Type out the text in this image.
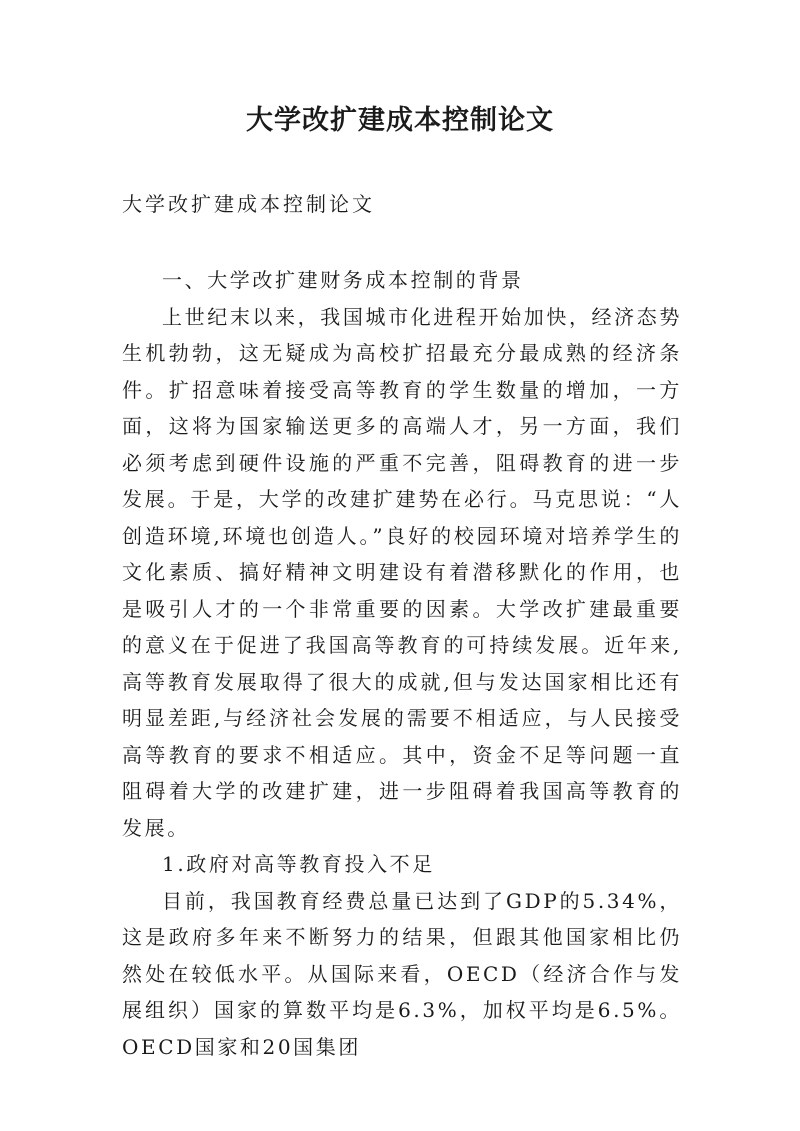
大学改扩建成本控制论文

大学改扩建成本控制论文

一、大学改扩建财务成本控制的背景

上世纪末以来，我国城市化进程开始加快，经济态势生机勃勃，这无疑成为高校扩招最充分最成熟的经济条件。扩招意味着接受高等教育的学生数量的增加，一方面，这将为国家输送更多的高端人才，另一方面，我们必须考虑到硬件设施的严重不完善，阻碍教育的进一步发展。于是，大学的改建扩建势在必行。马克思说：“人创造环境,环境也创造人。”良好的校园环境对培养学生的文化素质、搞好精神文明建设有着潜移默化的作用，也是吸引人才的一个非常重要的因素。大学改扩建最重要的意义在于促进了我国高等教育的可持续发展。近年来,高等教育发展取得了很大的成就,但与发达国家相比还有明显差距,与经济社会发展的需要不相适应，与人民接受高等教育的要求不相适应。其中，资金不足等问题一直阻碍着大学的改建扩建，进一步阻碍着我国高等教育的发展。

1.政府对高等教育投入不足

目前，我国教育经费总量已达到了GDP的5.34%，这是政府多年来不断努力的结果，但跟其他国家相比仍然处在较低水平。从国际来看，OECD（经济合作与发展组织）国家的算数平均是6.3%，加权平均是6.5%。OECD国家和20国集团
